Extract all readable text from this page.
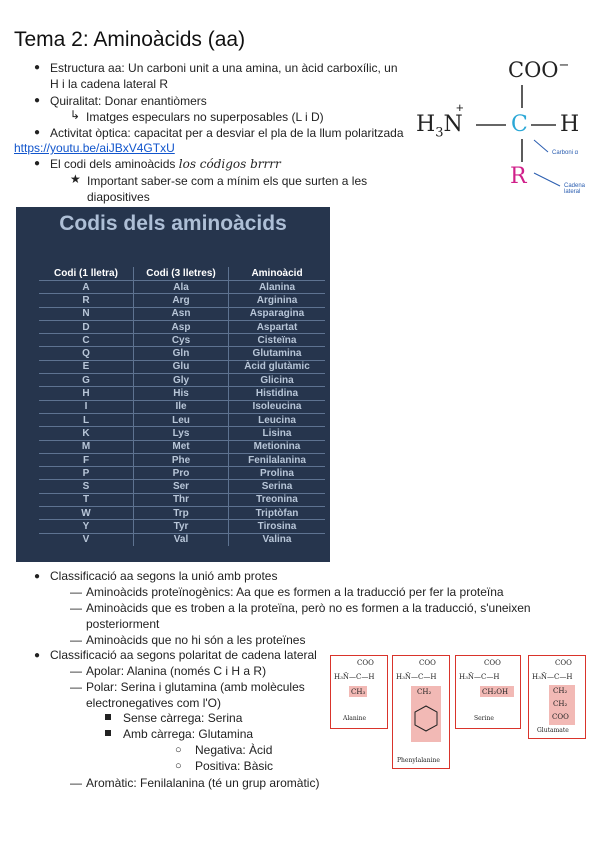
Tema 2: Aminoàcids (aa)
● Estructura aa: Un carboni unit a una amina, un àcid carboxílic, un
H i la cadena lateral R
● Quiralitat: Donar enantiòmers
↳ Imatges especulars no superposables (L i D)
● Activitat òptica: capacitat per a desviar el pla de la llum polaritzada
https://youtu.be/aiJBxV4GTxU
● El codi dels aminoàcids los códigos brrrr
★ Important saber-se com a mínim els que surten a les
diapositives
COO−
$H_3N$
+
C H
R
Carboni α
Cadena lateral
Codis dels aminoàcids
Codi (1 lletra)	Codi (3 lletres)	Aminoàcid
A	Ala	Alanina
R	Arg	Arginina
N	Asn	Asparagina
D	Asp	Aspartat
C	Cys	Cisteïna
Q	Gln	Glutamina
E	Glu	Àcid glutàmic
G	Gly	Glicina
H	His	Histidina
I	Ile	Isoleucina
L	Leu	Leucina
K	Lys	Lisina
M	Met	Metionina
F	Phe	Fenilalanina
P	Pro	Prolina
S	Ser	Serina
T	Thr	Treonina
W	Trp	Triptòfan
Y	Tyr	Tirosina
V	Val	Valina
● Classificació aa segons la unió amb protes
— Aminoàcids proteïnogènics: Aa que es formen a la traducció per fer la proteïna
— Aminoàcids que es troben a la proteïna, però no es formen a la traducció, s'uneixen
posteriorment
— Aminoàcids que no hi són a les proteïnes
● Classificació aa segons polaritat de cadena lateral
— Apolar: Alanina (només C i H a R)
— Polar: Serina i glutamina (amb molècules
electronegatives com l'O)
Sense càrrega: Serina
Amb càrrega: Glutamina
○ Negativa: Àcid
○ Positiva: Bàsic
— Aromàtic: Fenilalanina (té un grup aromàtic)
COO
H₃N̈—C—H
CH₃
Alanine
COO
H₃N̈—C—H
CH₂
Phenylalanine
COO
H₃N̈—C—H
CH₂OH
Serine
COO
H₃N̈—C—H
CH₂
CH₂
COO
Glutamate
